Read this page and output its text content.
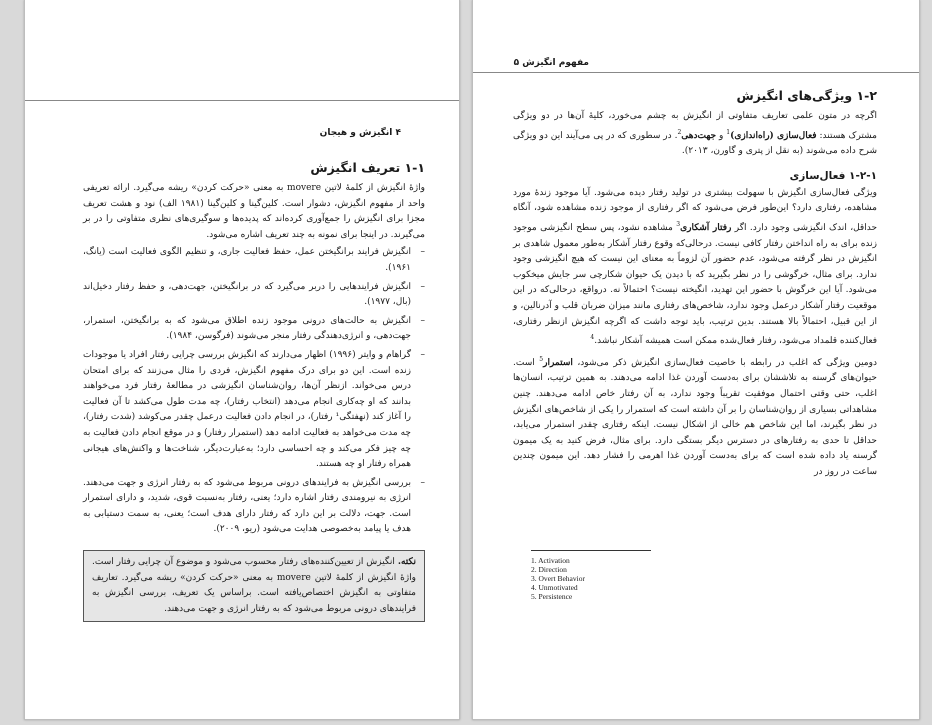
۴ انگیزش و هیجان
۱-۱ تعریف انگیزش

واژهٔ انگیزش از کلمهٔ لاتین movere به معنی «حرکت کردن» ریشه می‌گیرد. ارائه تعریفی واحد از مفهوم انگیزش، دشوار است. کلین‌گینا و کلین‌گینا (۱۹۸۱ الف) نود و هشت تعریف مجزا برای انگیزش را جمع‌آوری کرده‌اند که پدیده‌ها و سوگیری‌های نظری متفاوتی را در بر می‌گیرند. در اینجا برای نمونه به چند تعریف اشاره می‌شود.

–
انگیزش فرایند برانگیختن عمل، حفظ فعالیت جاری، و تنظیم الگوی فعالیت است (یانگ، ۱۹۶۱).
–
انگیزش فرایندهایی را دربر می‌گیرد که در برانگیختن، جهت‌دهی، و حفظ رفتار دخیل‌اند (بال، ۱۹۷۷).
–
انگیزش به حالت‌های درونی موجود زنده اطلاق می‌شود که به برانگیختن، استمرار، جهت‌دهی، و انرژی‌دهندگی رفتار منجر می‌شوند (فرگوسن، ۱۹۸۴).
–
گراهام و وایتر (۱۹۹۶) اظهار می‌دارند که انگیزش بررسی چرایی رفتار افراد یا موجودات زنده است. این دو برای درک مفهوم انگیزش، فردی را مثال می‌زنند که برای امتحان درس می‌خواند. ازنظر آن‌ها، روان‌شناسان انگیزشی در مطالعهٔ رفتار فرد می‌خواهند بدانند که او چه‌کاری انجام می‌دهد (انتخاب رفتار)، چه مدت طول می‌کشد تا آن فعالیت را آغاز کند (نهفتگی¹ رفتار)، در انجام دادن فعالیت درعمل چقدر می‌کوشد (شدت رفتار)، چه مدت می‌خواهد به فعالیت ادامه دهد (استمرار رفتار) و در موقع انجام دادن فعالیت به چه چیز فکر می‌کند و چه احساسی دارد؛ به‌عبارت‌دیگر، شناخت‌ها و واکنش‌های هیجانی همراه رفتار او چه هستند.
–
بررسی انگیزش به فرایندهای درونی مربوط می‌شود که به رفتار انرژی و جهت می‌دهند. انرژی به نیرومندی رفتار اشاره دارد؛ یعنی، رفتار به‌نسبت قوی، شدید، و دارای استمرار است. جهت، دلالت بر این دارد که رفتار دارای هدف است؛ یعنی، به سمت دستیابی به هدف یا پیامد به‌خصوصی هدایت می‌شود (ریو، ۲۰۰۹).
نکته. انگیزش از تعیین‌کننده‌های رفتار محسوب می‌شود و موضوع آن چرایی رفتار است. واژهٔ انگیزش از کلمهٔ لاتین movere به معنی «حرکت کردن» ریشه می‌گیرد. تعاریف متفاوتی به انگیزش اختصاص‌یافته است. براساس یک تعریف، بررسی انگیزش به فرایندهای درونی مربوط می‌شود که به رفتار انرژی و جهت می‌دهند.
مفهوم انگیزش ۵
۱-۲ ویژگی‌های انگیزش

اگرچه در متون علمی تعاریف متفاوتی از انگیزش به چشم می‌خورد، کلیهٔ آن‌ها در دو ویژگی مشترک هستند: فعال‌سازی (راه‌اندازی)$^1$ و جهت‌دهی$^2$. در سطوری که در پی می‌آیند این دو ویژگی شرح داده می‌شوند (به نقل از پتری و گاورن، ۲۰۱۳).

۱-۲-۱ فعال‌سازی

ویژگی فعال‌سازی انگیزش با سهولت بیشتری در تولید رفتار دیده می‌شود. آیا موجود زندهٔ مورد مشاهده، رفتاری دارد؟ این‌طور فرض می‌شود که اگر رفتاری از موجود زنده مشاهده شود، آنگاه حداقل، اندک انگیزشی وجود دارد. اگر رفتار آشکاری$^3$ مشاهده نشود، پس سطح انگیزشی موجود زنده برای به راه انداختن رفتار کافی نیست. درحالی‌که وقوع رفتار آشکار به‌طور معمول شاهدی بر انگیزش در نظر گرفته می‌شود، عدم حضور آن لزوماً به معنای این نیست که هیچ انگیزشی وجود ندارد. برای مثال، خرگوشی را در نظر بگیرید که با دیدن یک حیوان شکارچی سر جایش میخکوب می‌شود. آیا این خرگوش با حضور این تهدید، انگیخته نیست؟ احتمالاً نه. درواقع، درحالی‌که در این موقعیت رفتار آشکار درعمل وجود ندارد، شاخص‌های رفتاری مانند میزان ضربان قلب و آدرنالین، و از این قبیل، احتمالاً بالا هستند. بدین ترتیب، باید توجه داشت که اگرچه انگیزش ازنظر رفتاری، فعال‌کننده قلمداد می‌شود، رفتار فعال‌شده ممکن است همیشه آشکار نباشد.$^4$

دومین ویژگی که اغلب در رابطه با خاصیت فعال‌سازی انگیزش ذکر می‌شود، استمرار$^5$ است. حیوان‌های گرسنه به تلاششان برای به‌دست آوردن غذا ادامه می‌دهند. به همین ترتیب، انسان‌ها اغلب، حتی وقتی احتمال موفقیت تقریباً وجود ندارد، به آن رفتار خاص ادامه می‌دهند. چنین مشاهداتی بسیاری از روان‌شناسان را بر آن داشته است که استمرار را یکی از شاخص‌های انگیزش در نظر بگیرند، اما این شاخص هم خالی از اشکال نیست. اینکه رفتاری چقدر استمرار می‌یابد، حداقل تا حدی به رفتارهای در دسترس دیگر بستگی دارد. برای مثال، فرض کنید به یک میمون گرسنه یاد داده شده است که برای به‌دست آوردن غذا اهرمی را فشار دهد. این میمون چندین ساعت در روز در

1. Activation
2. Direction
3. Overt Behavior
4. Unmotivated
5. Persistence
